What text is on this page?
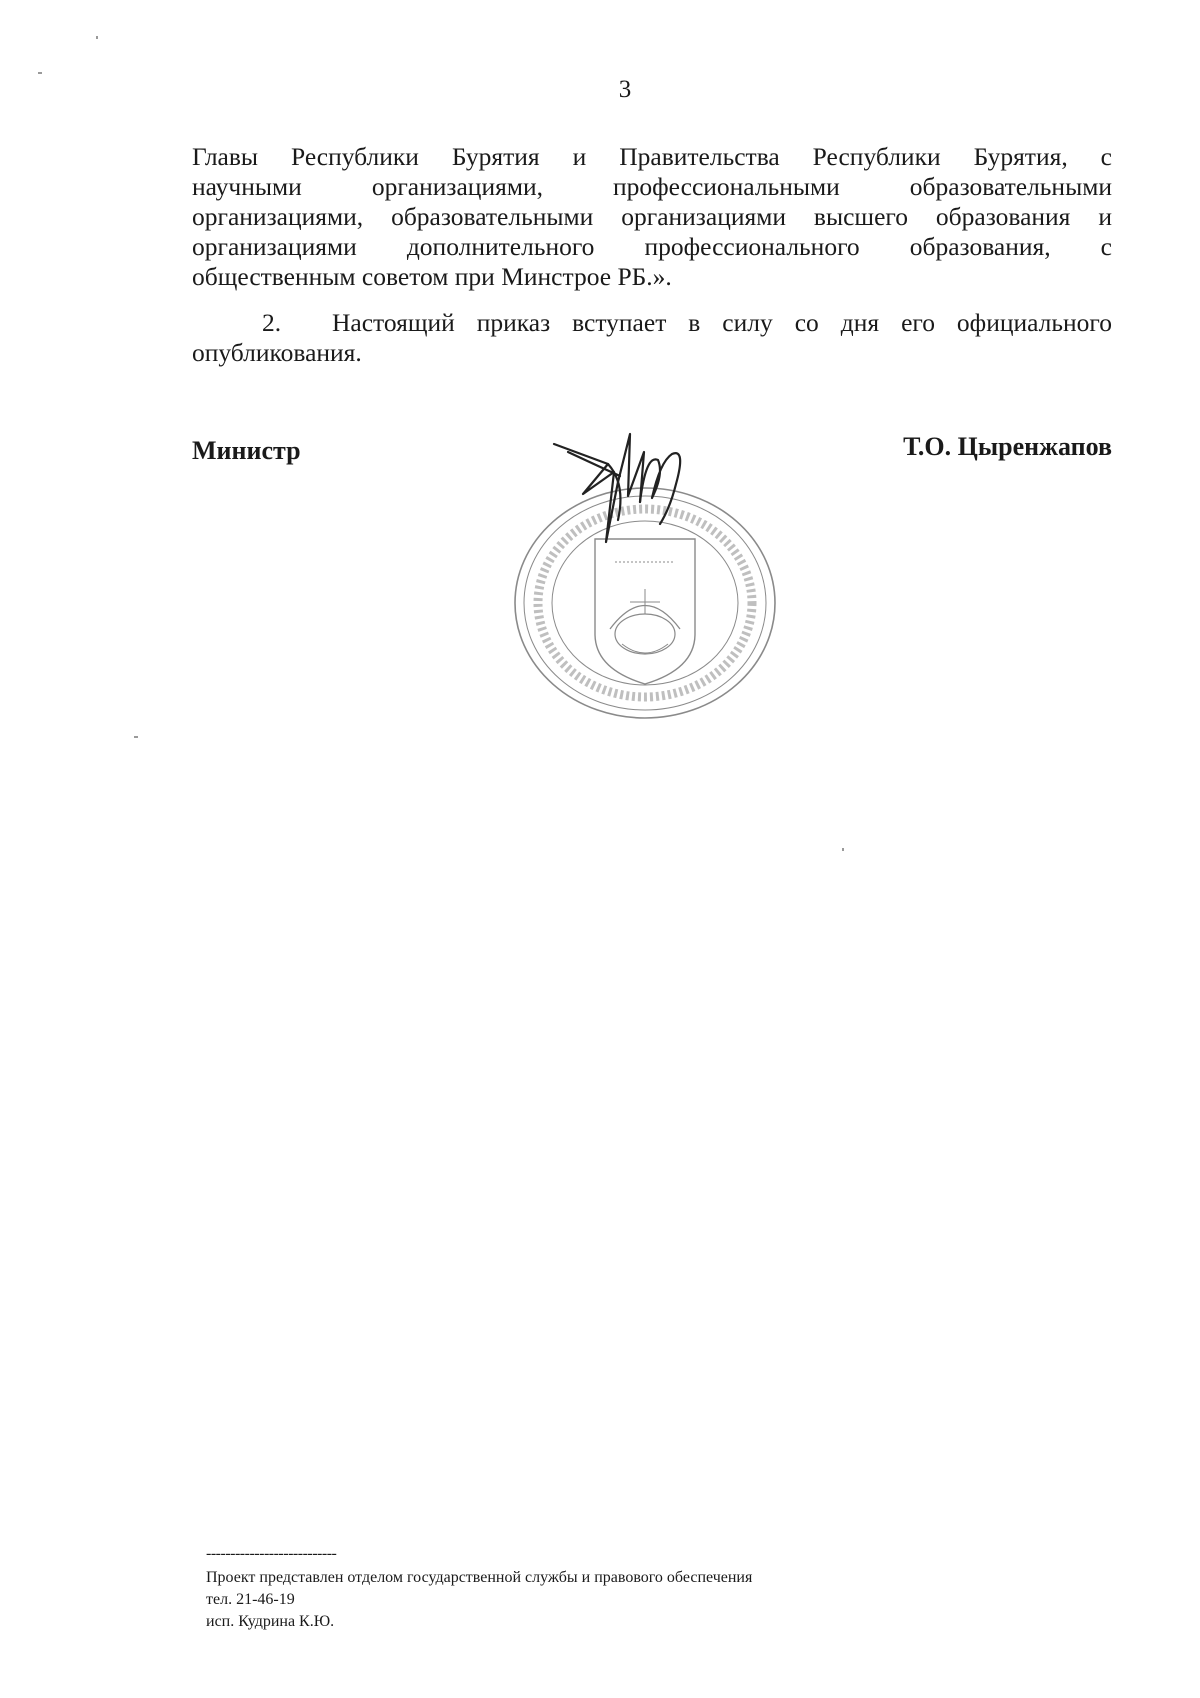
3
Главы Республики Бурятия и Правительства Республики Бурятия, с
научными организациями, профессиональными образовательными
организациями, образовательными организациями высшего образования и
организациями дополнительного профессионального образования, с
общественным советом при Минстрое РБ.».
2.	Настоящий приказ вступает в силу со дня его официального
опубликования.
Министр	Т.О. Цыренжапов
---------------------------
Проект представлен отделом государственной службы и правового обеспечения
тел. 21-46-19
исп. Кудрина К.Ю.
